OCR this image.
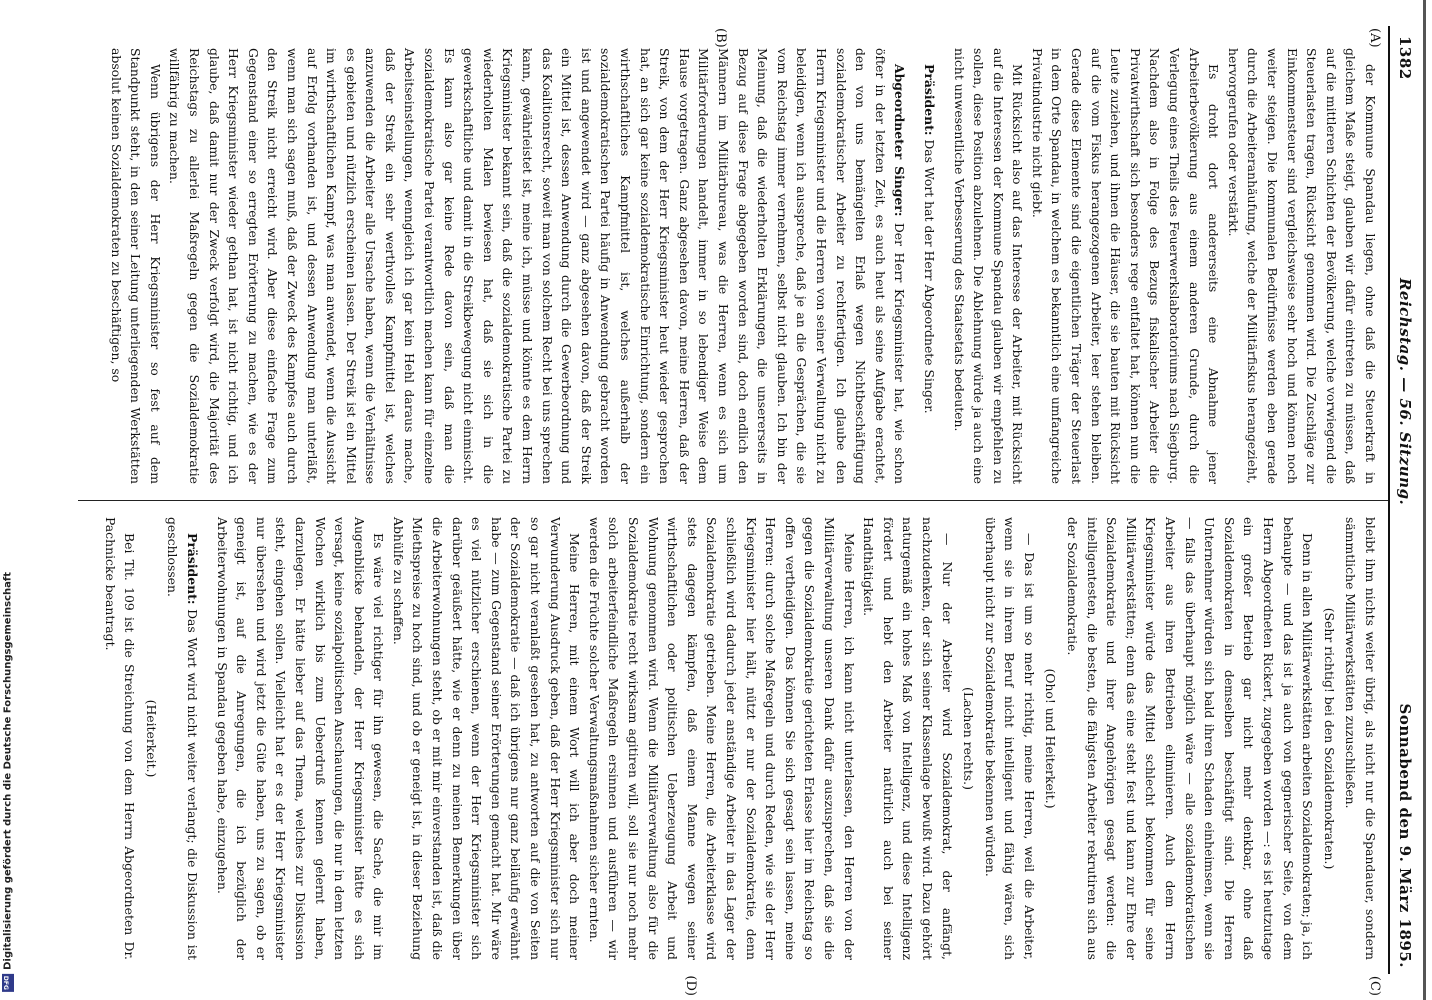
1382
Reichstag. — 56. Sitzung.
Sonnabend den 9. März 1895.
(A)
(B)
(C)
(D)

der Kommune Spandau liegen, ohne daß die Steuerkraft in gleichem Maße steigt, glauben wir dafür eintreten zu müssen, daß auf die mittleren Schichten der Bevölkerung, welche vorwiegend die Steuerlasten tragen, Rücksicht genommen wird. Die Zuschläge zur Einkommensteuer sind vergleichsweise sehr hoch und können noch weiter steigen. Die kommunalen Bedürfnisse werden eben gerade durch die Arbeiteranhäufung, welche der Militärfiskus herangezieht, hervorgerufen oder verstärkt.

Es droht dort andererseits eine Abnahme jener Arbeiterbevölkerung aus einem anderen Grunde, durch die Verlegung eines Theils des Feuerwerkslaboratoriums nach Siegburg. Nachdem also in Folge des Bezugs fiskalischer Arbeiter die Privatwirthschaft sich besonders rege entfaltet hat, können nun die Leute zuziehen, und ihnen die Häuser, die sie bauten mit Rücksicht auf die vom Fiskus herangezogenen Arbeiter, leer stehen bleiben. Gerade diese Elemente sind die eigentlichen Träger der Steuerlast in dem Orte Spandau, in welchem es bekanntlich eine umfangreiche Privatindustrie nicht giebt.

Mit Rücksicht also auf das Interesse der Arbeiter, mit Rücksicht auf die Interessen der Kommune Spandau glauben wir empfehlen zu sollen, diese Position abzulehnen. Die Ablehnung würde ja auch eine nicht unwesentliche Verbesserung des Staatsetats bedeuten.

Präsident: Das Wort hat der Herr Abgeordnete Singer.

Abgeordneter Singer: Der Herr Kriegsminister hat, wie schon öfter in der letzten Zeit, es auch heut als seine Aufgabe erachtet, den von uns bemängelten Erlaß wegen Nichtbeschäftigung sozialdemokratischer Arbeiter zu rechtfertigen. Ich glaube den Herrn Kriegsminister und die Herren von seiner Verwaltung nicht zu beleidigen, wenn ich ausspreche, daß je an die Gesprächen, die sie vom Reichstag immer vernehmen, selbst nicht glauben. Ich bin der Meinung, daß die wiederholten Erklärungen, die unsererseits in Bezug auf diese Frage abgegeben worden sind, doch endlich den Männern im Militärbureau, was die Herren, wenn es sich um Militärforderungen handelt, immer in so lebendiger Weise dem Hause vorgetragen. Ganz abgesehen davon, meine Herren, daß der Streik, von dem der Herr Kriegsminister heut wieder gesprochen hat, an sich gar keine sozialdemokratische Einrichtung, sondern ein wirthschaftliches Kampfmittel ist, welches außerhalb der sozialdemokratischen Partei häufig in Anwendung gebracht worden ist und angewendet wird — ganz abgesehen davon, daß der Streik ein Mittel ist, dessen Anwendung durch die Gewerbeordnung und das Koalitionsrecht, soweit man von solchem Recht bei uns sprechen kann, gewährleistet ist, meine ich, müsse und könnte es dem Herrn Kriegsminister bekannt sein, daß die sozialdemokratische Partei zu wiederholten Malen bewiesen hat, daß sie sich in die gewerkschaftliche und damit in die Streikbewegung nicht einmischt. Es kann also gar keine Rede davon sein, daß man die sozialdemokratische Partei verantwortlich machen kann für einzelne Arbeitseinstellungen, wenngleich ich gar kein Hehl daraus mache, daß der Streik ein sehr werthvolles Kampfmittel ist, welches anzuwenden die Arbeiter alle Ursache haben, wenn die Verhältnisse es gebieten und nützlich erscheinen lassen. Der Streik ist ein Mittel im wirthschaftlichen Kampf, was man anwendet, wenn die Aussicht auf Erfolg vorhanden ist, und dessen Anwendung man unterläßt, wenn man sich sagen muß, daß der Zweck des Kampfes auch durch den Streik nicht erreicht wird. Aber diese einfache Frage zum Gegenstand einer so erregten Erörterung zu machen, wie es der Herr Kriegsminister wieder gethan hat, ist nicht richtig, und ich glaube, daß damit nur der Zweck verfolgt wird, die Majorität des Reichstags zu allerlei Maßregeln gegen die Sozialdemokratie willfährig zu machen.

Wenn übrigens der Herr Kriegsminister so fest auf dem Standpunkt steht, in den seiner Leitung unterliegenden Werkstätten absolut keinen Sozialdemokraten zu beschäftigen, so

bleibt ihm nichts weiter übrig, als nicht nur die Spandauer, sondern sämmtliche Militärwerkstätten zuzuschließen.

(Sehr richtig! bei den Sozialdemokraten.)

Denn in allen Militärwerkstätten arbeiten Sozialdemokraten; ja, ich behaupte — und das ist ja auch von gegnerischer Seite, von dem Herrn Abgeordneten Rickert, zugegeben worden —: es ist heutzutage ein großer Betrieb gar nicht mehr denkbar, ohne daß Sozialdemokraten in demselben beschäftigt sind. Die Herren Unternehmer würden sich bald ihren Schaden einheimsen, wenn sie — falls das überhaupt möglich wäre — alle sozialdemokratischen Arbeiter aus ihren Betrieben eliminieren. Auch dem Herrn Kriegsminister würde das Mittel schlecht bekommen für seine Militärwerkstätten; denn das eine steht fest und kann zur Ehre der Sozialdemokratie und ihrer Angehörigen gesagt werden: die intelligentesten, die besten, die fähigsten Arbeiter rekrutiren sich aus der Sozialdemokratie.

(Oho! und Heiterkeit.)

— Das ist um so mehr richtig, meine Herren, weil die Arbeiter, wenn sie in ihrem Beruf nicht intelligent und fähig wären, sich überhaupt nicht zur Sozialdemokratie bekennen würden.

(Lachen rechts.)

— Nur der Arbeiter wird Sozialdemokrat, der anfängt, nachzudenken, der sich seiner Klassenlage bewußt wird. Dazu gehört naturgemäß ein hohes Maß von Intelligenz, und diese Intelligenz fördert und hebt den Arbeiter natürlich auch bei seiner Handthätigkeit.

Meine Herren, ich kann nicht unterlassen, den Herren von der Militärverwaltung unseren Dank dafür auszusprechen, daß sie die gegen die Sozialdemokratie gerichteten Erlasse hier im Reichstag so offen vertheidigen. Das können Sie sich gesagt sein lassen, meine Herren: durch solche Maßregeln und durch Reden, wie sie der Herr Kriegsminister hier hält, nützt er nur der Sozialdemokratie, denn schließlich wird dadurch jeder anständige Arbeiter in das Lager der Sozialdemokratie getrieben. Meine Herren, die Arbeiterklasse wird stets dagegen kämpfen, daß einem Manne wegen seiner wirthschaftlichen oder politischen Ueberzeugung Arbeit und Wohnung genommen wird. Wenn die Militärverwaltung also für die Sozialdemokratie recht wirksam agitiren will, soll sie nur noch mehr solch arbeiterfeindliche Maßregeln ersinnen und ausführen — wir werden die Früchte solcher Verwaltungsmaßnahmen sicher ernten.

Meine Herren, mit einem Wort will ich aber doch meiner Verwunderung Ausdruck geben, daß der Herr Kriegsminister sich nur so gar nicht veranlaßt gesehen hat, zu antworten auf die von Seiten der Sozialdemokratie — daß ich übrigens nur ganz beiläufig erwähnt habe — zum Gegenstand seiner Erörterungen gemacht hat. Mir wäre es viel nützlicher erschienen, wenn der Herr Kriegsminister sich darüber geäußert hätte, wie er denn zu meinen Bemerkungen über die Arbeiterwohnungen steht, ob er mit mir einverstanden ist, daß die Miethspreise zu hoch sind, und ob er geneigt ist, in dieser Beziehung Abhülfe zu schaffen.

Es wäre viel richtiger für ihn gewesen, die Sache, die mir im Augenblicke behandeln, der Herr Kriegsminister hätte es sich versagt, keine sozialpolitischen Anschauungen, die nur in dem letzten Wochen wirklich bis zum Ueberdruß kennen gelernt haben, darzulegen. Er hätte lieber auf das Thema, welches zur Diskussion steht, eingehen sollen. Vielleicht hat er es der Herr Kriegsminister nur übersehen und wird jetzt die Güte haben, uns zu sagen, ob er geneigt ist, auf die Anregungen, die ich bezüglich der Arbeiterwohnungen in Spandau gegeben habe, einzugehen.

Präsident: Das Wort wird nicht weiter verlangt; die Diskussion ist geschlossen.

(Heiterkeit.)

Bei Tit. 109 ist die Streichung von dem Herrn Abgeordneten Dr. Pachnicke beantragt.

DFG
Digitalisierung gefördert durch die Deutsche Forschungsgemeinschaft
